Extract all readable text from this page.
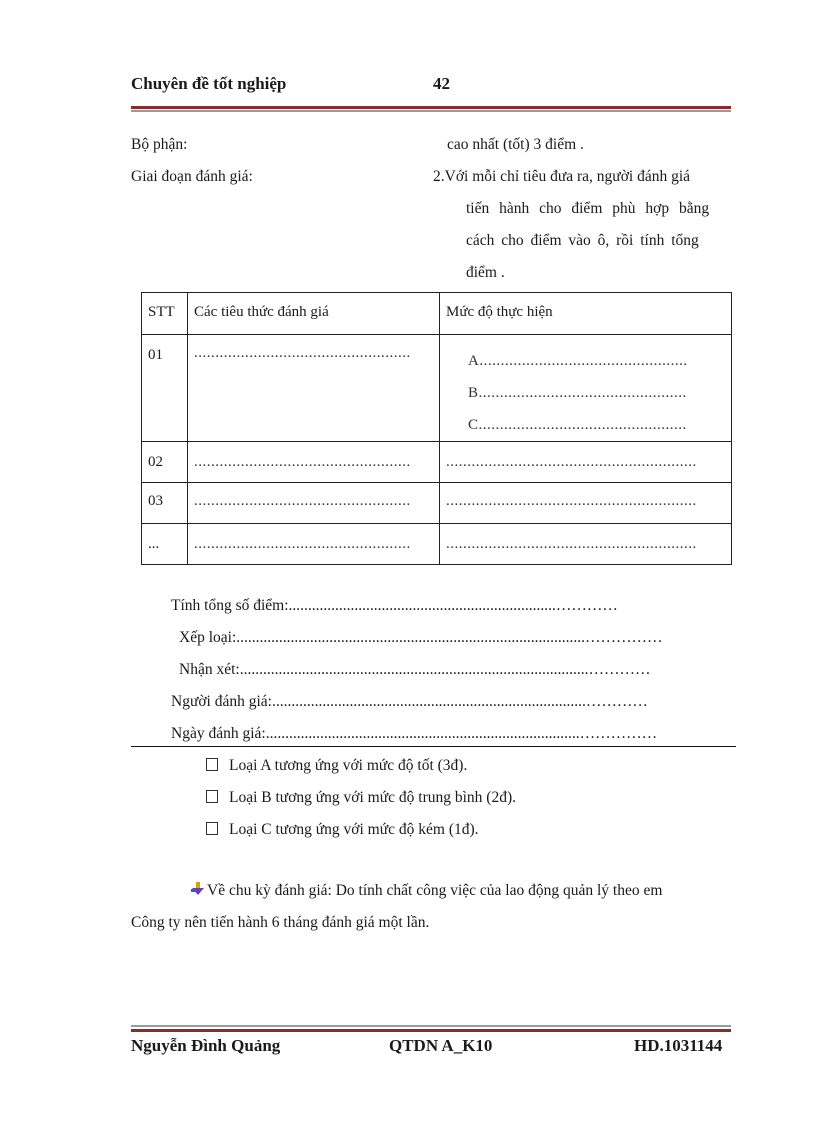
Chuyên đề tốt nghiệp	42
Bộ phận:
Giai đoạn đánh giá:
cao nhất (tốt) 3 điểm .
2.Với mỗi chỉ tiêu đưa ra, người đánh giá
tiến hành cho điểm phù hợp bằng
cách cho điểm vào ô, rồi tính tổng
điểm .
STT	Các tiêu thức đánh giá	Mức độ thực hiện
01	...................................................	A.................................................
B.................................................
C.................................................

02	...................................................	...........................................................
03	...................................................	...........................................................
...	...................................................	...........................................................
Tính tổng số điểm:.....................................................................…………
Xếp loại:..........................................................................................……………
Nhận xét:..........................................................................................…………
Người đánh giá:.................................................................................…………
Ngày đánh giá:.................................................................................……………
Loại A tương ứng với mức độ tốt (3đ).
Loại B tương ứng với mức độ trung bình (2đ).
Loại C tương ứng với mức độ kém (1đ).
Về chu kỳ đánh giá: Do tính chất công việc của lao động quản lý theo em
Công ty nên tiến hành 6 tháng đánh giá một lần.
Nguyễn Đình Quảng	QTDN A_K10	HD.1031144
